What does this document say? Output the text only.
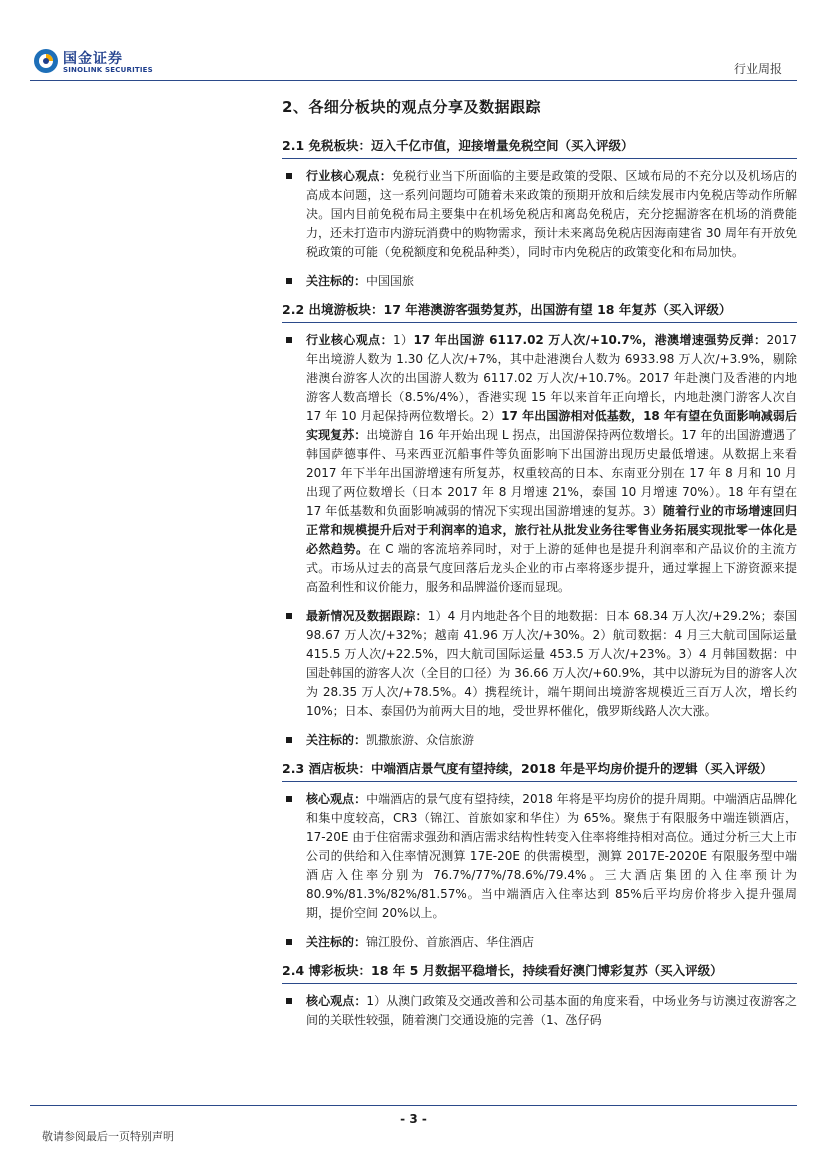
国金证券
SINOLINK SECURITIES	行业周报
2、各细分板块的观点分享及数据跟踪
2.1 免税板块：迈入千亿市值，迎接增量免税空间（买入评级）
行业核心观点：免税行业当下所面临的主要是政策的受限、区域布局的不充分以及机场店的高成本问题，这一系列问题均可随着未来政策的预期开放和后续发展市内免税店等动作所解决。国内目前免税布局主要集中在机场免税店和离岛免税店，充分挖掘游客在机场的消费能力，还未打造市内游玩消费中的购物需求，预计未来离岛免税店因海南建省 30 周年有开放免税政策的可能（免税额度和免税品种类），同时市内免税店的政策变化和布局加快。
关注标的：中国国旅
2.2 出境游板块：17 年港澳游客强势复苏，出国游有望 18 年复苏（买入评级）
行业核心观点：1）17 年出国游 6117.02 万人次/+10.7%，港澳增速强势反弹：2017 年出境游人数为 1.30 亿人次/+7%，其中赴港澳台人数为 6933.98 万人次/+3.9%，剔除港澳台游客人次的出国游人数为 6117.02 万人次/+10.7%。2017 年赴澳门及香港的内地游客人数高增长（8.5%/4%），香港实现 15 年以来首年正向增长，内地赴澳门游客人次自 17 年 10 月起保持两位数增长。2）17 年出国游相对低基数，18 年有望在负面影响减弱后实现复苏：出境游自 16 年开始出现 L 拐点，出国游保持两位数增长。17 年的出国游遭遇了韩国萨德事件、马来西亚沉船事件等负面影响下出国游出现历史最低增速。从数据上来看 2017 年下半年出国游增速有所复苏，权重较高的日本、东南亚分别在 17 年 8 月和 10 月出现了两位数增长（日本 2017 年 8 月增速 21%，泰国 10 月增速 70%）。18 年有望在 17 年低基数和负面影响减弱的情况下实现出国游增速的复苏。3）随着行业的市场增速回归正常和规模提升后对于利润率的追求，旅行社从批发业务往零售业务拓展实现批零一体化是必然趋势。在 C 端的客流培养同时，对于上游的延伸也是提升利润率和产品议价的主流方式。市场从过去的高景气度回落后龙头企业的市占率将逐步提升，通过掌握上下游资源来提高盈利性和议价能力，服务和品牌溢价逐而显现。
最新情况及数据跟踪：1）4 月内地赴各个目的地数据：日本 68.34 万人次/+29.2%；泰国 98.67 万人次/+32%；越南 41.96 万人次/+30%。2）航司数据：4 月三大航司国际运量 415.5 万人次/+22.5%，四大航司国际运量 453.5 万人次/+23%。3）4 月韩国数据：中国赴韩国的游客人次（全目的口径）为 36.66 万人次/+60.9%，其中以游玩为目的游客人次为 28.35 万人次/+78.5%。4）携程统计，端午期间出境游客规模近三百万人次，增长约 10%；日本、泰国仍为前两大目的地，受世界杯催化，俄罗斯线路人次大涨。
关注标的：凯撒旅游、众信旅游
2.3 酒店板块：中端酒店景气度有望持续，2018 年是平均房价提升的逻辑（买入评级）
核心观点：中端酒店的景气度有望持续，2018 年将是平均房价的提升周期。中端酒店品牌化和集中度较高，CR3（锦江、首旅如家和华住）为 65%。聚焦于有限服务中端连锁酒店，17-20E 由于住宿需求强劲和酒店需求结构性转变入住率将维持相对高位。通过分析三大上市公司的供给和入住率情况测算 17E-20E 的供需模型，测算 2017E-2020E 有限服务型中端酒店入住率分别为 76.7%/77%/78.6%/79.4%。三大酒店集团的入住率预计为 80.9%/81.3%/82%/81.57%。当中端酒店入住率达到 85%后平均房价将步入提升强周期，提价空间 20%以上。
关注标的：锦江股份、首旅酒店、华住酒店
2.4 博彩板块：18 年 5 月数据平稳增长，持续看好澳门博彩复苏（买入评级）
核心观点：1）从澳门政策及交通改善和公司基本面的角度来看，中场业务与访澳过夜游客之间的关联性较强，随着澳门交通设施的完善（1、氹仔码
- 3 -
敬请参阅最后一页特别声明
